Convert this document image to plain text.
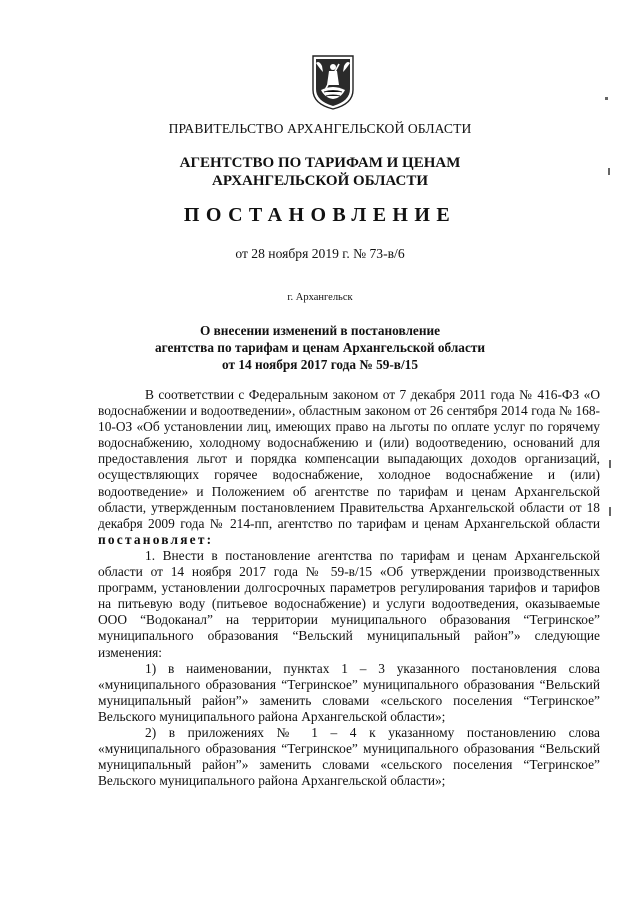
ПРАВИТЕЛЬСТВО АРХАНГЕЛЬСКОЙ ОБЛАСТИ
АГЕНТСТВО ПО ТАРИФАМ И ЦЕНАМ
АРХАНГЕЛЬСКОЙ ОБЛАСТИ
ПОСТАНОВЛЕНИЕ
от 28 ноября 2019 г. № 73-в/6
г. Архангельск
О внесении изменений в постановление
агентства по тарифам и ценам Архангельской области
от 14 ноября 2017 года № 59-в/15

В соответствии с Федеральным законом от 7 декабря 2011 года № 416-ФЗ «О водоснабжении и водоотведении», областным законом от 26 сентября 2014 года № 168-10-ОЗ «Об установлении лиц, имеющих право на льготы по оплате услуг по горячему водоснабжению, холодному водоснабжению и (или) водоотведению, оснований для предоставления льгот и порядка компенсации выпадающих доходов организаций, осуществляющих горячее водоснабжение, холодное водоснабжение и (или) водоотведение» и Положением об агентстве по тарифам и ценам Архангельской области, утвержденным постановлением Правительства Архангельской области от 18 декабря 2009 года № 214-пп, агентство по тарифам и ценам Архангельской области постановляет:

1. Внести в постановление агентства по тарифам и ценам Архангельской области от 14 ноября 2017 года № 59-в/15 «Об утверждении производственных программ, установлении долгосрочных параметров регулирования тарифов и тарифов на питьевую воду (питьевое водоснабжение) и услуги водоотведения, оказываемые ООО “Водоканал” на территории муниципального образования “Тегринское” муниципального образования “Вельский муниципальный район”» следующие изменения:

1) в наименовании, пунктах 1 – 3 указанного постановления слова «муниципального образования “Тегринское” муниципального образования “Вельский муниципальный район”» заменить словами «сельского поселения “Тегринское” Вельского муниципального района Архангельской области»;

2) в приложениях № 1 – 4 к указанному постановлению слова «муниципального образования “Тегринское” муниципального образования “Вельский муниципальный район”» заменить словами «сельского поселения “Тегринское” Вельского муниципального района Архангельской области»;
